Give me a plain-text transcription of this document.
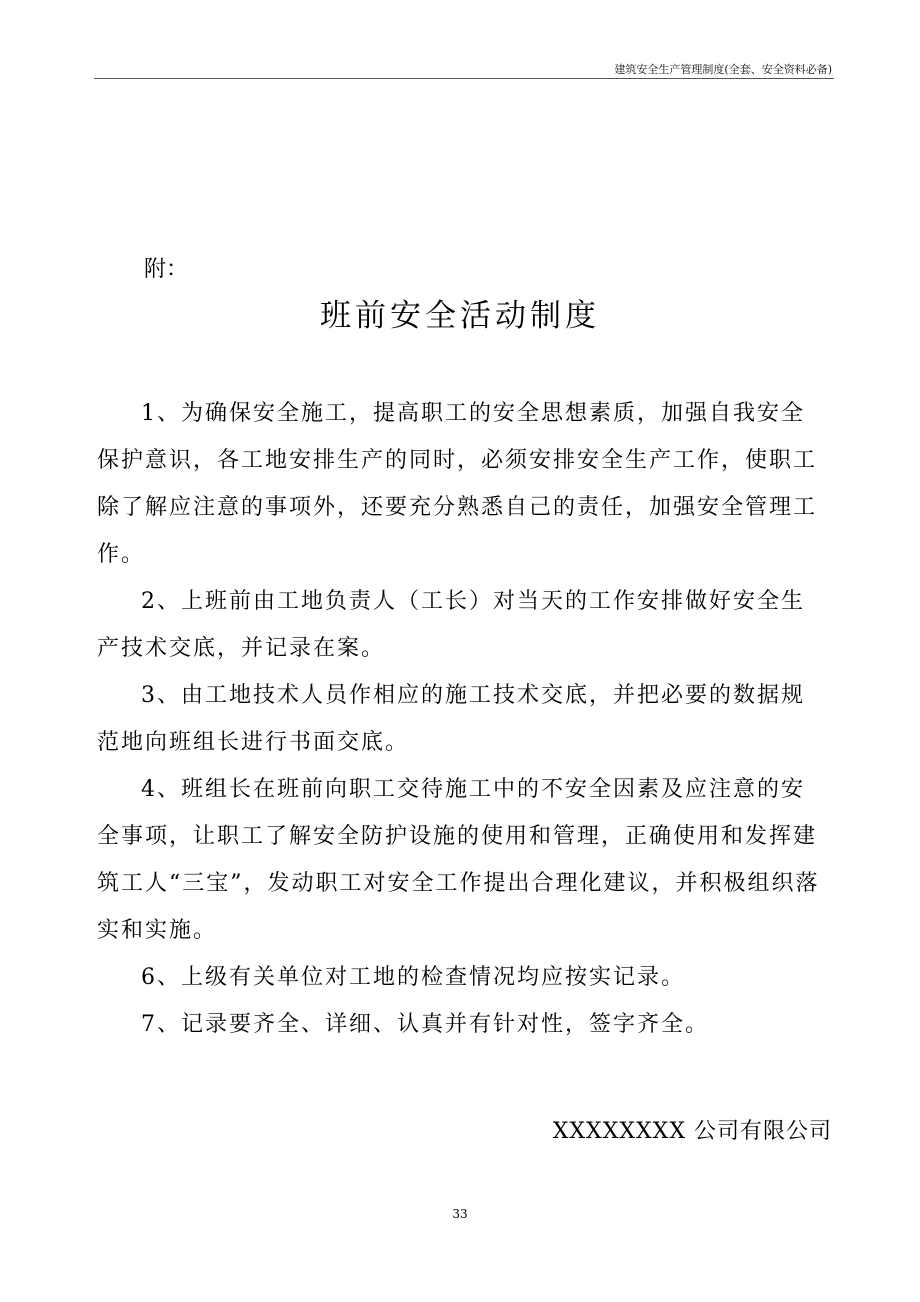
建筑安全生产管理制度(全套、安全资料必备)
附：
班前安全活动制度

1、为确保安全施工，提高职工的安全思想素质，加强自我安全保护意识，各工地安排生产的同时，必须安排安全生产工作，使职工除了解应注意的事项外，还要充分熟悉自己的责任，加强安全管理工作。

2、上班前由工地负责人（工长）对当天的工作安排做好安全生产技术交底，并记录在案。

3、由工地技术人员作相应的施工技术交底，并把必要的数据规范地向班组长进行书面交底。

4、班组长在班前向职工交待施工中的不安全因素及应注意的安全事项，让职工了解安全防护设施的使用和管理，正确使用和发挥建筑工人“三宝”，发动职工对安全工作提出合理化建议，并积极组织落实和实施。

6、上级有关单位对工地的检查情况均应按实记录。

7、记录要齐全、详细、认真并有针对性，签字齐全。

XXXXXXXX 公司有限公司
33
